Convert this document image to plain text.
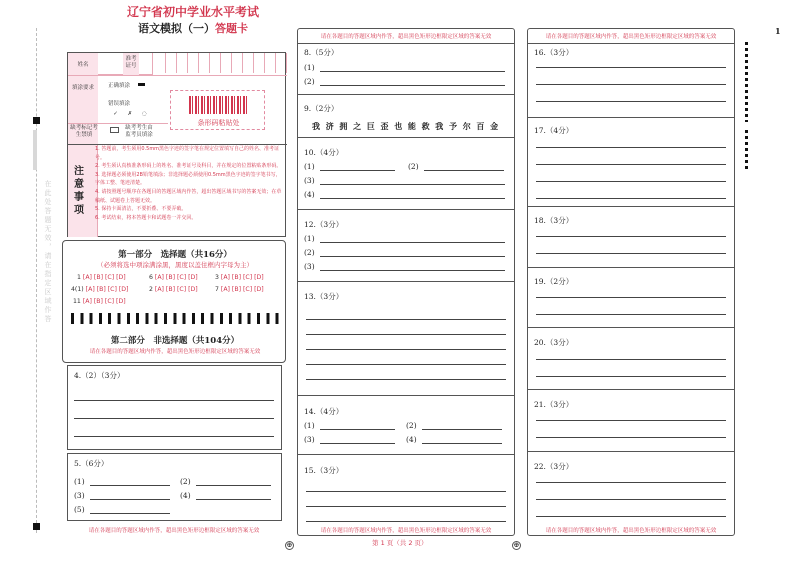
在此处答题无效，请在指定区域作答
辽宁省初中学业水平考试
语文模拟（一）答题卡
姓名
准考证号
填涂要求	正确填涂
错误填涂
✓ ✗ ◌
缺考标记考生禁填
缺考考生由监考员填涂
条形码粘贴处
注意事项
1. 答题前，考生须用0.5mm黑色字迹的签字笔在规定位置填写自己的姓名、准考证号。
2. 考生须认真核准条形码上的姓名、准考证号及科目，并在规定的位置粘贴条形码。
3. 选择题必须使用2B铅笔填涂；非选择题必须使用0.5mm黑色字迹的签字笔书写，字体工整、笔迹清楚。
4. 请按照题号顺序在各题目的答题区域内作答，超出答题区域书写的答案无效；在草稿纸、试题卷上答题无效。
5. 保持卡面清洁，不要折叠、不要弄破。
6. 考试结束，将本答题卡和试题卷一并交回。
第一部分　选择题（共16分）
（必须将选中项涂满涂黑，黑度以盖住框内字母为主）
1 [A] [B] [C] [D]	6 [A] [B] [C] [D]	3 [A] [B] [C] [D]
4(1) [A] [B] [C] [D]	2 [A] [B] [C] [D]	7 [A] [B] [C] [D]
11 [A] [B] [C] [D]
第二部分　非选择题（共104分）
请在各题目的答题区域内作答，超出黑色矩形边框限定区域的答案无效
4.（2）（3分）
5.（6分）
(1)	(2)
(3)	(4)
(5)
请在各题目的答题区域内作答，超出黑色矩形边框限定区域的答案无效
请在各题目的答题区域内作答，超出黑色矩形边框限定区域的答案无效
8.（5分）
(1)
(2)
9.（2分）
10.（4分）
(1)	(2)
(3)
(4)
12.（3分）
(1)
(2)
(3)
13.（3分）
14.（4分）
(1)	(2)
(3)	(4)
15.（3分）
请在各题目的答题区域内作答，超出黑色矩形边框限定区域的答案无效
我济拥之巨歪也能救我予尔百金
请在各题目的答题区域内作答，超出黑色矩形边框限定区域的答案无效
16.（3分）
17.（4分）
18.（3分）
19.（2分）
20.（3分）
21.（3分）
22.（3分）
请在各题目的答题区域内作答，超出黑色矩形边框限定区域的答案无效
1
⊕	⊕
第 1 页（共 2 页）
